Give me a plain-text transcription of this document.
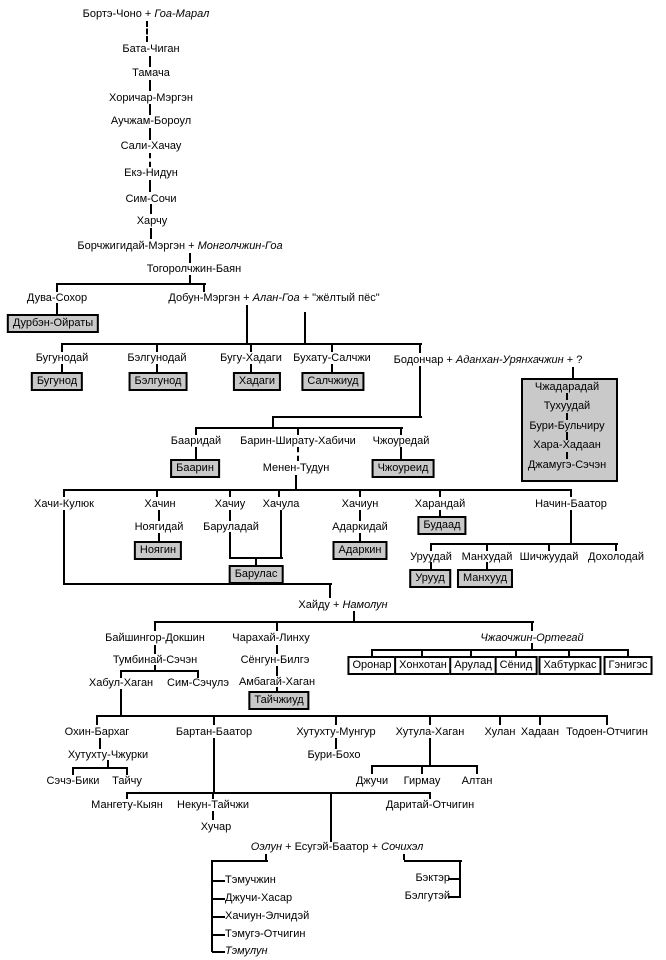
Бортэ-Чоно + Гоа-Марал
Бата-Чиган
Тамача
Хоричар-Мэргэн
Аучжам-Бороул
Сали-Хачау
Екэ-Нидун
Сим-Сочи
Харчу
Борчжигидай-Мэргэн + Монголчжин-Гоа
Тогоролчжин-Баян
Дува-Сохор	Добун-Мэргэн + Алан-Гоа + "жёлтый пёс"
Дурбэн-Ойраты
Бугунодай	Бэлгунодай	Бугу-Хадаги Бухату-Салчжи Бодончар + Аданхан-Урянхачжин + ?
Бугунод	Бэлгунод	Хадаги	Салчжиуд	Чжадарадай
Тухуудай
Бури-Бульчиру
Хара-Хадаан
Джамугэ-Сэчэн
Бааридай Барин-Ширату-Хабичи Чжоуредай
Баарин	Менен-Тудун	Чжоуреид
Хачи-Кулюк	Хачин	Хачиу Хачула	Хачиун	Харандай	Начин-Баатор
Ноягидай
Ноягин
Баруладай
Барулас
Адаркидай
Адаркин
Будаад
Уруудай Манхудай Шичжуудай Дохолодай
Урууд	Манхууд
Хайду + Намолун
Байшингор-Докшин Чарахай-Линху	Чжаочжин-Ортегай
Тумбинай-Сэчэн	Сёнгун-Билгэ	Оронар Хонхотан Арулад Сёнид	Хабтуркас	Гэнигэс
Хабул-Хаган Сим-Сэчулэ Амбагай-Хаган
Тайчжиуд
Охин-Бархаг	Бартан-Баатор	Хутухту-Мунгур Хутула-Хаган Хулан Хадаан Тодоен-Отчигин
Хутухту-Чжурки	Бури-Бохо
Сэчэ-Бики Тайчу	Джучи Гирмау Алтан
Мангету-Кыян Некун-Тайчжи	Даритай-Отчигин
Хучар
Оэлун + Есугэй-Баатор + Сочихэл
Тэмучжин
Джучи-Хасар
Хачиун-Элчидэй
Тэмугэ-Отчигин
Тэмулун
Бэктэр
Бэлгутэй
